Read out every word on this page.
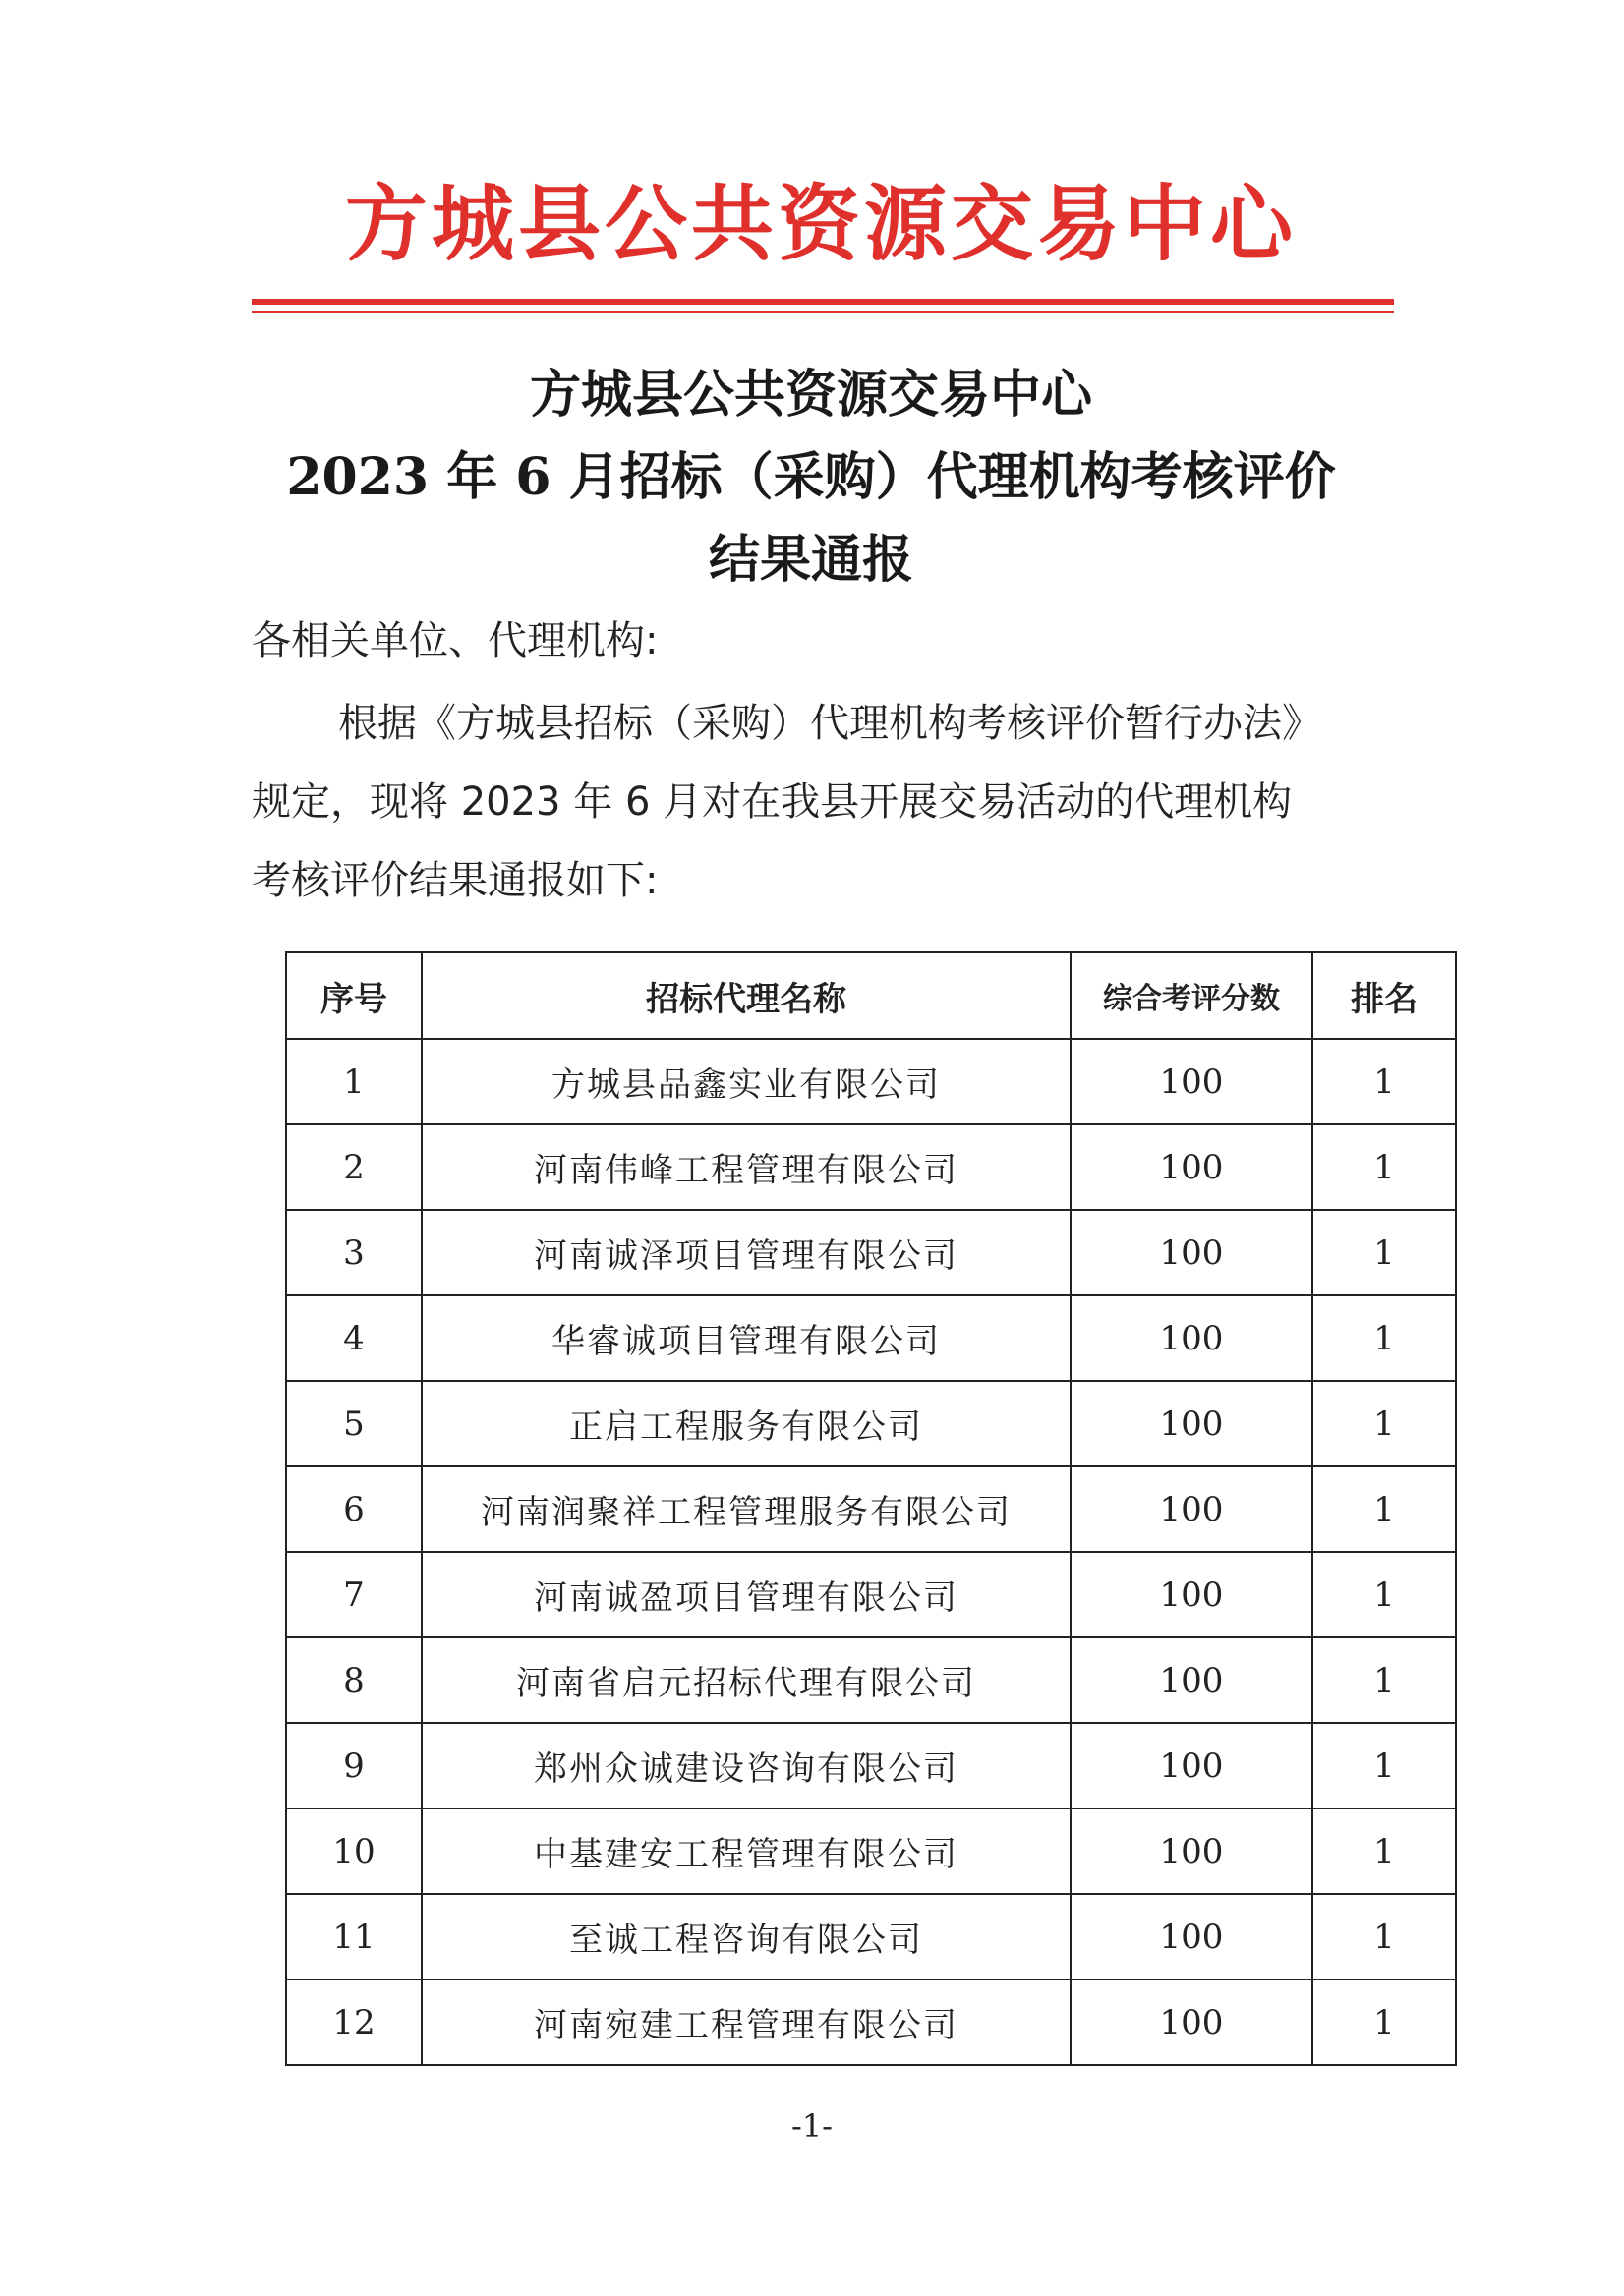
方城县公共资源交易中心
方城县公共资源交易中心
2023 年 6 月招标（采购）代理机构考核评价
结果通报
各相关单位、代理机构:
根据《方城县招标（采购）代理机构考核评价暂行办法》
规定，现将 2023 年 6 月对在我县开展交易活动的代理机构
考核评价结果通报如下:
序号	招标代理名称	综合考评分数	排名
1	方城县品鑫实业有限公司	100	1
2	河南伟峰工程管理有限公司	100	1
3	河南诚泽项目管理有限公司	100	1
4	华睿诚项目管理有限公司	100	1
5	正启工程服务有限公司	100	1
6	河南润聚祥工程管理服务有限公司	100	1
7	河南诚盈项目管理有限公司	100	1
8	河南省启元招标代理有限公司	100	1
9	郑州众诚建设咨询有限公司	100	1
10	中基建安工程管理有限公司	100	1
11	至诚工程咨询有限公司	100	1
12	河南宛建工程管理有限公司	100	1
-1-
